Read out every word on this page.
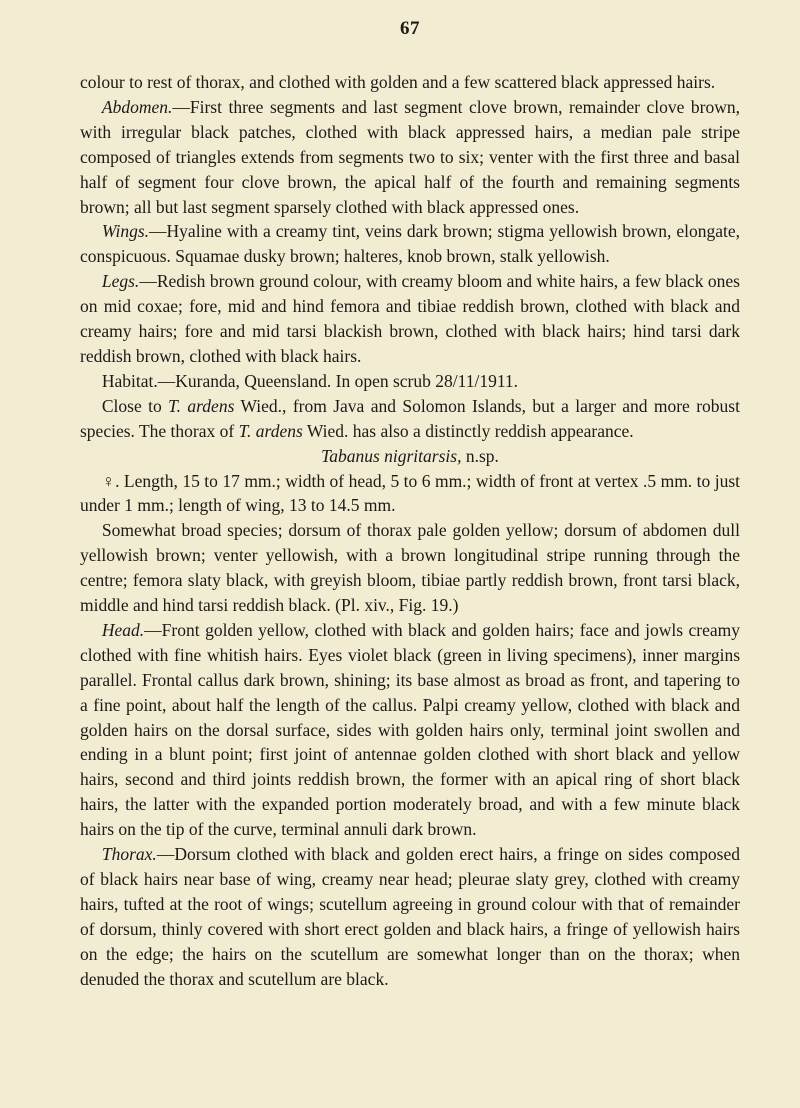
67

colour to rest of thorax, and clothed with golden and a few scattered black appressed hairs.

Abdomen.—First three segments and last segment clove brown, remainder clove brown, with irregular black patches, clothed with black appressed hairs, a median pale stripe composed of triangles extends from segments two to six; venter with the first three and basal half of segment four clove brown, the apical half of the fourth and remaining segments brown; all but last segment sparsely clothed with black appressed ones.

Wings.—Hyaline with a creamy tint, veins dark brown; stigma yellowish brown, elongate, conspicuous. Squamae dusky brown; halteres, knob brown, stalk yellowish.

Legs.—Redish brown ground colour, with creamy bloom and white hairs, a few black ones on mid coxae; fore, mid and hind femora and tibiae reddish brown, clothed with black and creamy hairs; fore and mid tarsi blackish brown, clothed with black hairs; hind tarsi dark reddish brown, clothed with black hairs.

Habitat.—Kuranda, Queensland. In open scrub 28/11/1911.

Close to T. ardens Wied., from Java and Solomon Islands, but a larger and more robust species. The thorax of T. ardens Wied. has also a distinctly reddish appearance.

Tabanus nigritarsis, n.sp.

♀. Length, 15 to 17 mm.; width of head, 5 to 6 mm.; width of front at vertex .5 mm. to just under 1 mm.; length of wing, 13 to 14.5 mm.

Somewhat broad species; dorsum of thorax pale golden yellow; dorsum of abdomen dull yellowish brown; venter yellowish, with a brown longitudinal stripe running through the centre; femora slaty black, with greyish bloom, tibiae partly reddish brown, front tarsi black, middle and hind tarsi reddish black. (Pl. xiv., Fig. 19.)

Head.—Front golden yellow, clothed with black and golden hairs; face and jowls creamy clothed with fine whitish hairs. Eyes violet black (green in living specimens), inner margins parallel. Frontal callus dark brown, shining; its base almost as broad as front, and tapering to a fine point, about half the length of the callus. Palpi creamy yellow, clothed with black and golden hairs on the dorsal surface, sides with golden hairs only, terminal joint swollen and ending in a blunt point; first joint of antennae golden clothed with short black and yellow hairs, second and third joints reddish brown, the former with an apical ring of short black hairs, the latter with the expanded portion moderately broad, and with a few minute black hairs on the tip of the curve, terminal annuli dark brown.

Thorax.—Dorsum clothed with black and golden erect hairs, a fringe on sides composed of black hairs near base of wing, creamy near head; pleurae slaty grey, clothed with creamy hairs, tufted at the root of wings; scutellum agreeing in ground colour with that of remainder of dorsum, thinly covered with short erect golden and black hairs, a fringe of yellowish hairs on the edge; the hairs on the scutellum are somewhat longer than on the thorax; when denuded the thorax and scutellum are black.
